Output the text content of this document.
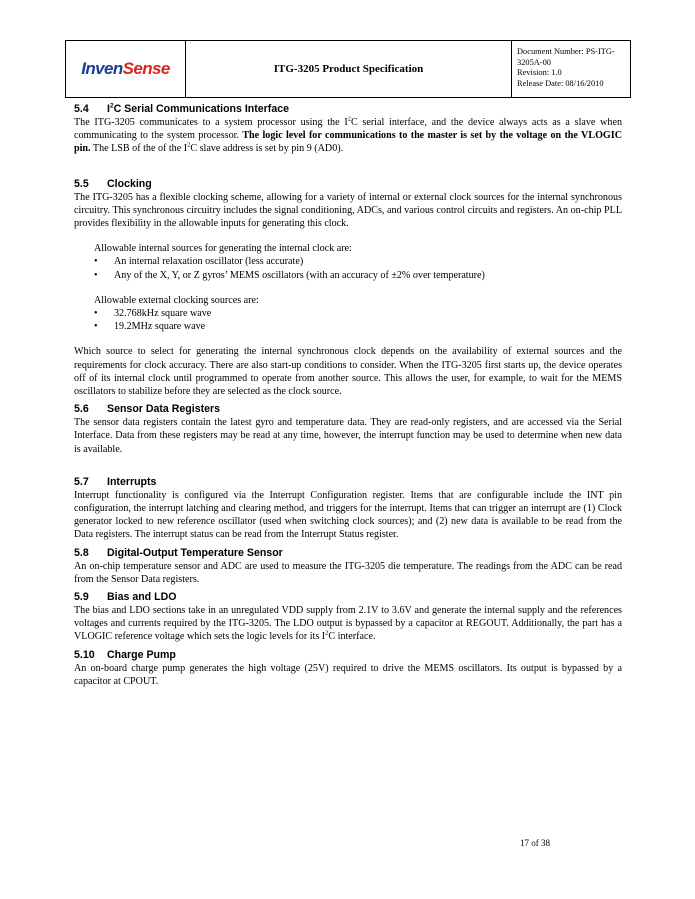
Inven Sense	ITG-3205 Product Specification
Document Number: PS-ITG-3205A-00
Revision: 1.0
Release Date: 08/16/2010
5.4	$I^2C$ Serial Communications Interface

The ITG-3205 communicates to a system processor using the $I^2C$ serial interface, and the device always acts as a slave when communicating to the system processor. The logic level for communications to the master is set by the voltage on the VLOGIC pin. The LSB of the of the $I^2C$ slave address is set by pin 9 (AD0).

5.5	Clocking

The ITG-3205 has a flexible clocking scheme, allowing for a variety of internal or external clock sources for the internal synchronous circuitry. This synchronous circuitry includes the signal conditioning, ADCs, and various control circuits and registers. An on-chip PLL provides flexibility in the allowable inputs for generating this clock.

Allowable internal sources for generating the internal clock are:

•	An internal relaxation oscillator (less accurate)
•	Any of the X, Y, or Z gyros’ MEMS oscillators (with an accuracy of ±2% over temperature)

Allowable external clocking sources are:

•	32.768kHz square wave
•	19.2MHz square wave

Which source to select for generating the internal synchronous clock depends on the availability of external sources and the requirements for clock accuracy. There are also start-up conditions to consider. When the ITG-3205 first starts up, the device operates off of its internal clock until programmed to operate from another source. This allows the user, for example, to wait for the MEMS oscillators to stabilize before they are selected as the clock source.

5.6	Sensor Data Registers

The sensor data registers contain the latest gyro and temperature data. They are read-only registers, and are accessed via the Serial Interface. Data from these registers may be read at any time, however, the interrupt function may be used to determine when new data is available.

5.7	Interrupts

Interrupt functionality is configured via the Interrupt Configuration register. Items that are configurable include the INT pin configuration, the interrupt latching and clearing method, and triggers for the interrupt. Items that can trigger an interrupt are (1) Clock generator locked to new reference oscillator (used when switching clock sources); and (2) new data is available to be read from the Data registers. The interrupt status can be read from the Interrupt Status register.

5.8	Digital-Output Temperature Sensor

An on-chip temperature sensor and ADC are used to measure the ITG-3205 die temperature. The readings from the ADC can be read from the Sensor Data registers.

5.9	Bias and LDO

The bias and LDO sections take in an unregulated VDD supply from 2.1V to 3.6V and generate the internal supply and the references voltages and currents required by the ITG-3205. The LDO output is bypassed by a capacitor at REGOUT. Additionally, the part has a VLOGIC reference voltage which sets the logic levels for its $I^2C$ interface.

5.10	Charge Pump

An on-board charge pump generates the high voltage (25V) required to drive the MEMS oscillators. Its output is bypassed by a capacitor at CPOUT.

17 of 38
